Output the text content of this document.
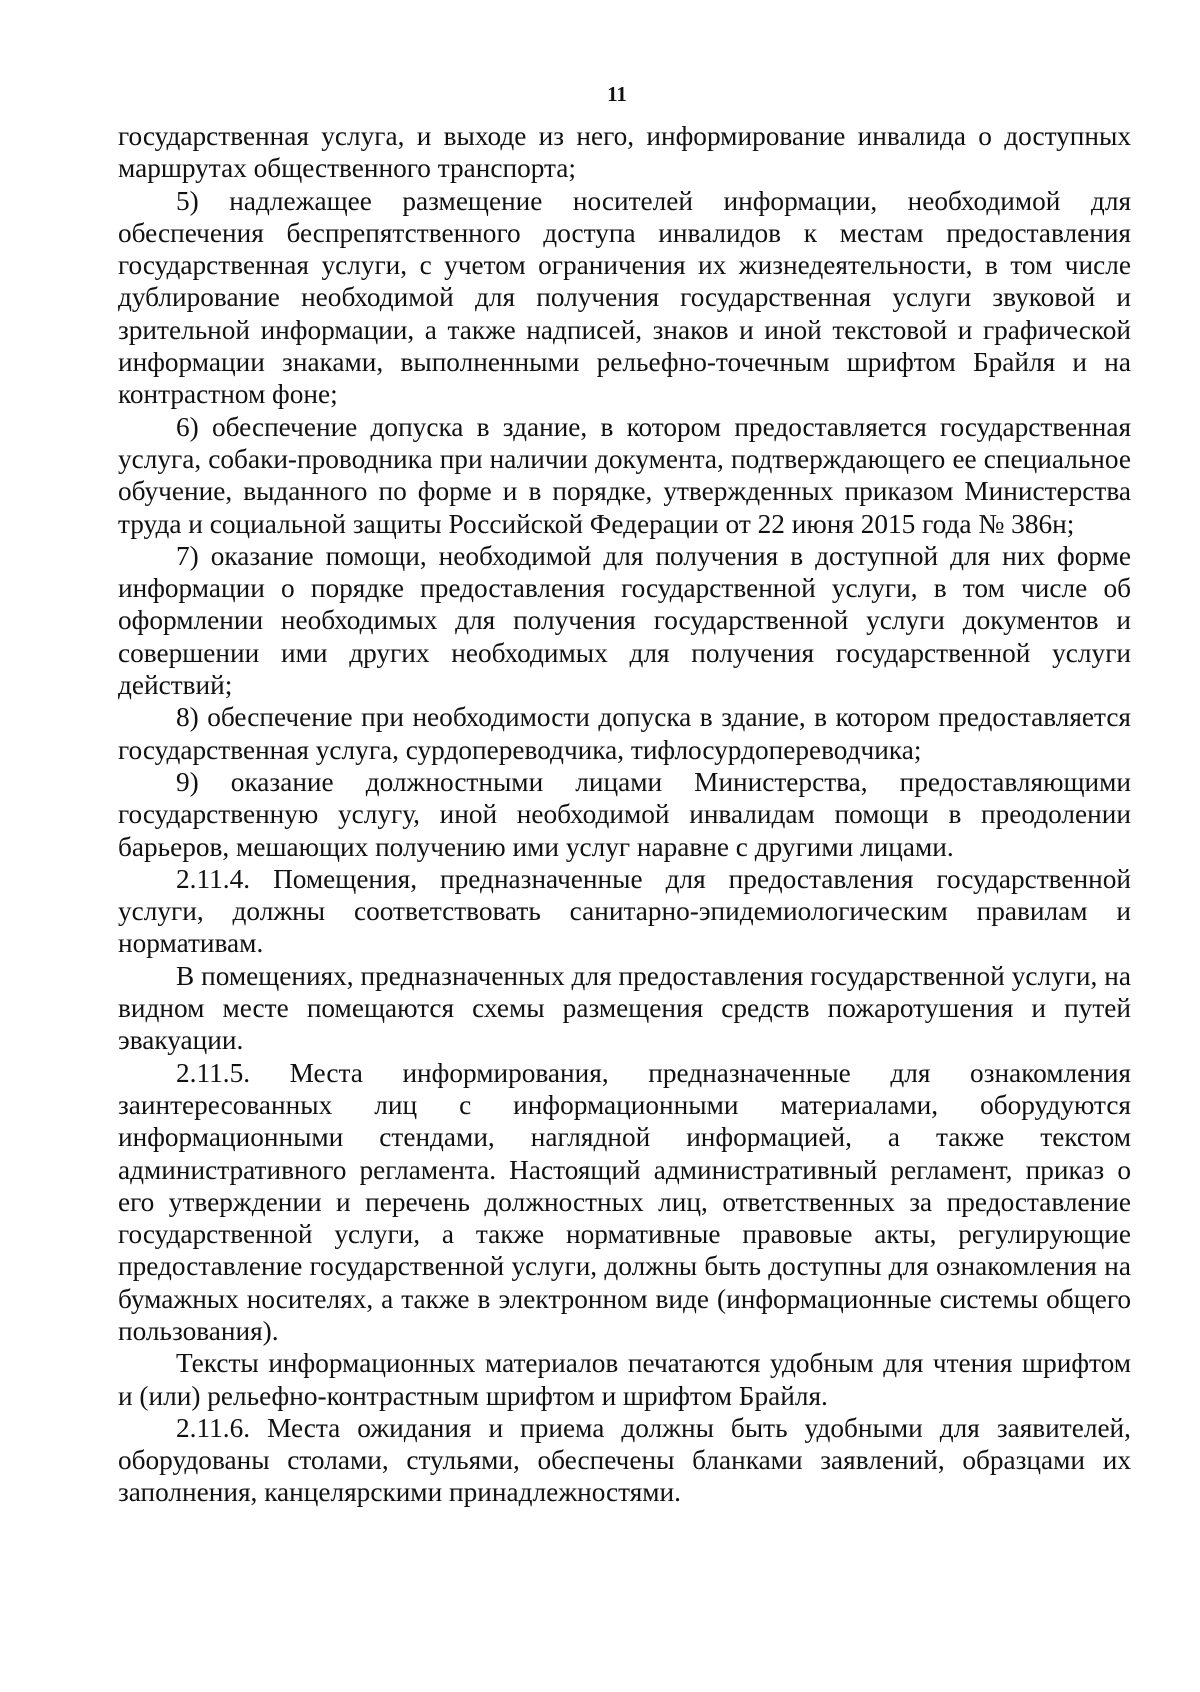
11

государственная услуга, и выходе из него, информирование инвалида о доступных маршрутах общественного транспорта;

5) надлежащее размещение носителей информации, необходимой для обеспечения беспрепятственного доступа инвалидов к местам предоставления государственная услуги, с учетом ограничения их жизнедеятельности, в том числе дублирование необходимой для получения государственная услуги звуковой и зрительной информации, а также надписей, знаков и иной текстовой и графической информации знаками, выполненными рельефно-точечным шрифтом Брайля и на контрастном фоне;

6) обеспечение допуска в здание, в котором предоставляется государственная услуга, собаки-проводника при наличии документа, подтверждающего ее специальное обучение, выданного по форме и в порядке, утвержденных приказом Министерства труда и социальной защиты Российской Федерации от 22 июня 2015 года № 386н;

7) оказание помощи, необходимой для получения в доступной для них форме информации о порядке предоставления государственной услуги, в том числе об оформлении необходимых для получения государственной услуги документов и совершении ими других необходимых для получения государственной услуги действий;

8) обеспечение при необходимости допуска в здание, в котором предоставляется государственная услуга, сурдопереводчика, тифлосурдопереводчика;

9) оказание должностными лицами Министерства, предоставляющими государственную услугу, иной необходимой инвалидам помощи в преодолении барьеров, мешающих получению ими услуг наравне с другими лицами.

2.11.4. Помещения, предназначенные для предоставления государственной услуги, должны соответствовать санитарно-эпидемиологическим правилам и нормативам.

В помещениях, предназначенных для предоставления государственной услуги, на видном месте помещаются схемы размещения средств пожаротушения и путей эвакуации.

2.11.5. Места информирования, предназначенные для ознакомления заинтересованных лиц с информационными материалами, оборудуются информационными стендами, наглядной информацией, а также текстом административного регламента. Настоящий административный регламент, приказ о его утверждении и перечень должностных лиц, ответственных за предоставление государственной услуги, а также нормативные правовые акты, регулирующие предоставление государственной услуги, должны быть доступны для ознакомления на бумажных носителях, а также в электронном виде (информационные системы общего пользования).

Тексты информационных материалов печатаются удобным для чтения шрифтом и (или) рельефно-контрастным шрифтом и шрифтом Брайля.

2.11.6. Места ожидания и приема должны быть удобными для заявителей, оборудованы столами, стульями, обеспечены бланками заявлений, образцами их заполнения, канцелярскими принадлежностями.
